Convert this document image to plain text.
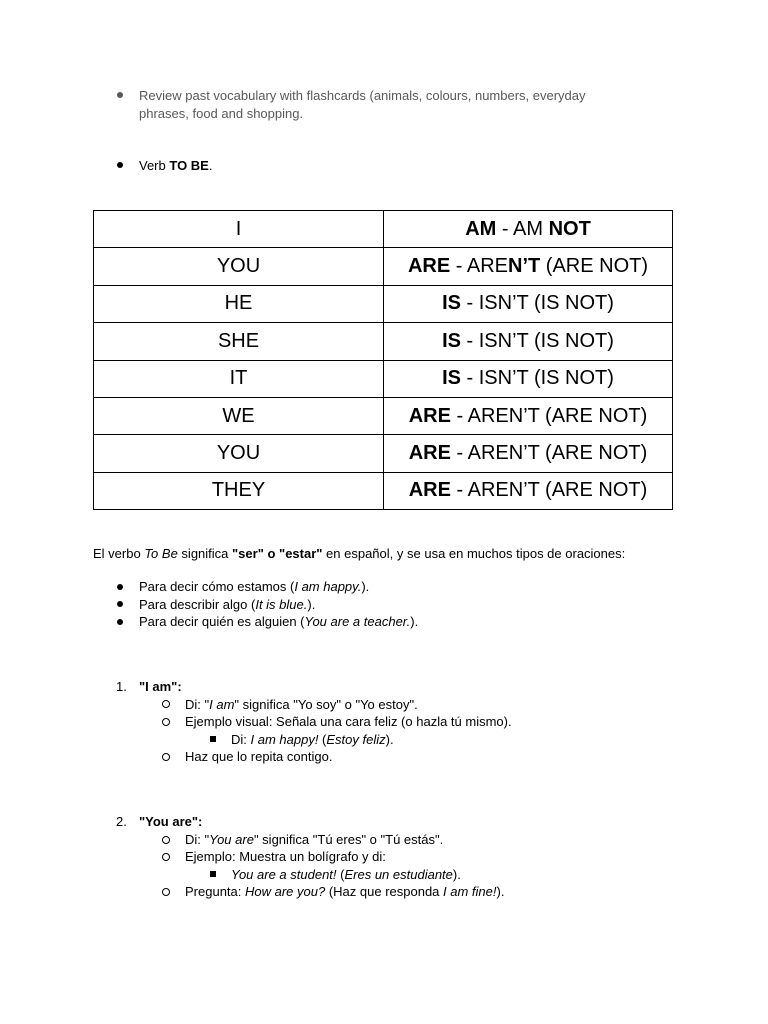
Review past vocabulary with flashcards (animals, colours, numbers, everyday
phrases, food and shopping.
Verb TO BE.
I	AM - AM NOT
YOU	ARE - AREN’T (ARE NOT)
HE	IS - ISN’T (IS NOT)
SHE	IS - ISN’T (IS NOT)
IT	IS - ISN’T (IS NOT)
WE	ARE - AREN’T (ARE NOT)
YOU	ARE - AREN’T (ARE NOT)
THEY	ARE - AREN’T (ARE NOT)
El verbo To Be significa "ser" o "estar" en español, y se usa en muchos tipos de oraciones:
Para decir cómo estamos (I am happy.).
Para describir algo (It is blue.).
Para decir quién es alguien (You are a teacher.).
1. "I am":
Di: "I am" significa "Yo soy" o "Yo estoy".
Ejemplo visual: Señala una cara feliz (o hazla tú mismo).
Di: I am happy! (Estoy feliz).
Haz que lo repita contigo.
2. "You are":
Di: "You are" significa "Tú eres" o "Tú estás".
Ejemplo: Muestra un bolígrafo y di:
You are a student! (Eres un estudiante).
Pregunta: How are you? (Haz que responda I am fine!).
